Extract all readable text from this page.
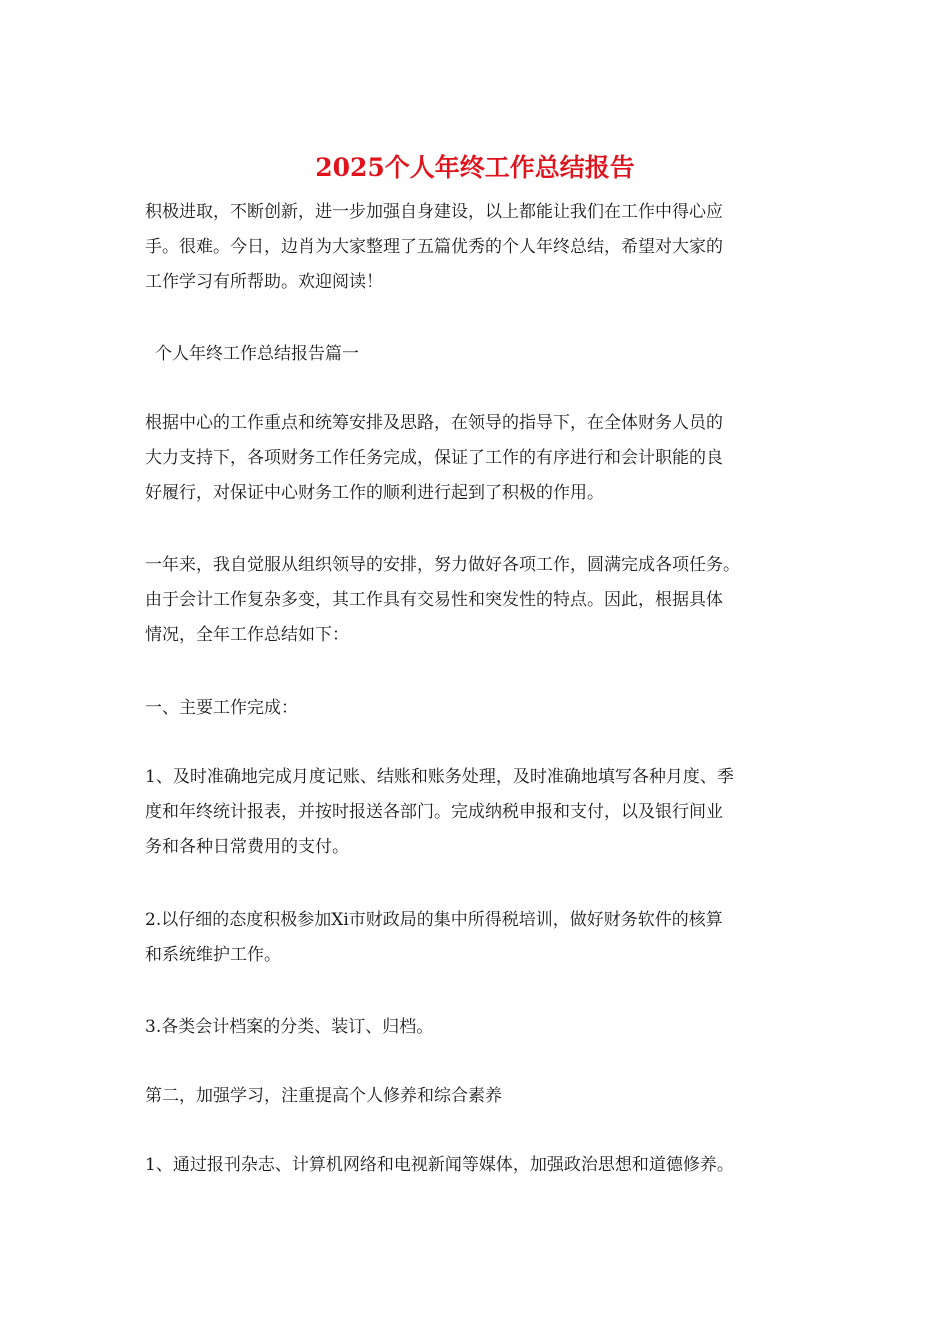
2025个人年终工作总结报告

积极进取，不断创新，进一步加强自身建设，以上都能让我们在工作中得心应
手。很难。今日，边肖为大家整理了五篇优秀的个人年终总结，希望对大家的
工作学习有所帮助。欢迎阅读！

个人年终工作总结报告篇一

根据中心的工作重点和统筹安排及思路，在领导的指导下，在全体财务人员的
大力支持下，各项财务工作任务完成，保证了工作的有序进行和会计职能的良
好履行，对保证中心财务工作的顺利进行起到了积极的作用。

一年来，我自觉服从组织领导的安排，努力做好各项工作，圆满完成各项任务。
由于会计工作复杂多变，其工作具有交易性和突发性的特点。因此，根据具体
情况，全年工作总结如下：

一、主要工作完成：

1、及时准确地完成月度记账、结账和账务处理，及时准确地填写各种月度、季
度和年终统计报表，并按时报送各部门。完成纳税申报和支付，以及银行间业
务和各种日常费用的支付。

2.以仔细的态度积极参加Xi市财政局的集中所得税培训，做好财务软件的核算
和系统维护工作。

3.各类会计档案的分类、装订、归档。

第二，加强学习，注重提高个人修养和综合素养

1、通过报刊杂志、计算机网络和电视新闻等媒体，加强政治思想和道德修养。
